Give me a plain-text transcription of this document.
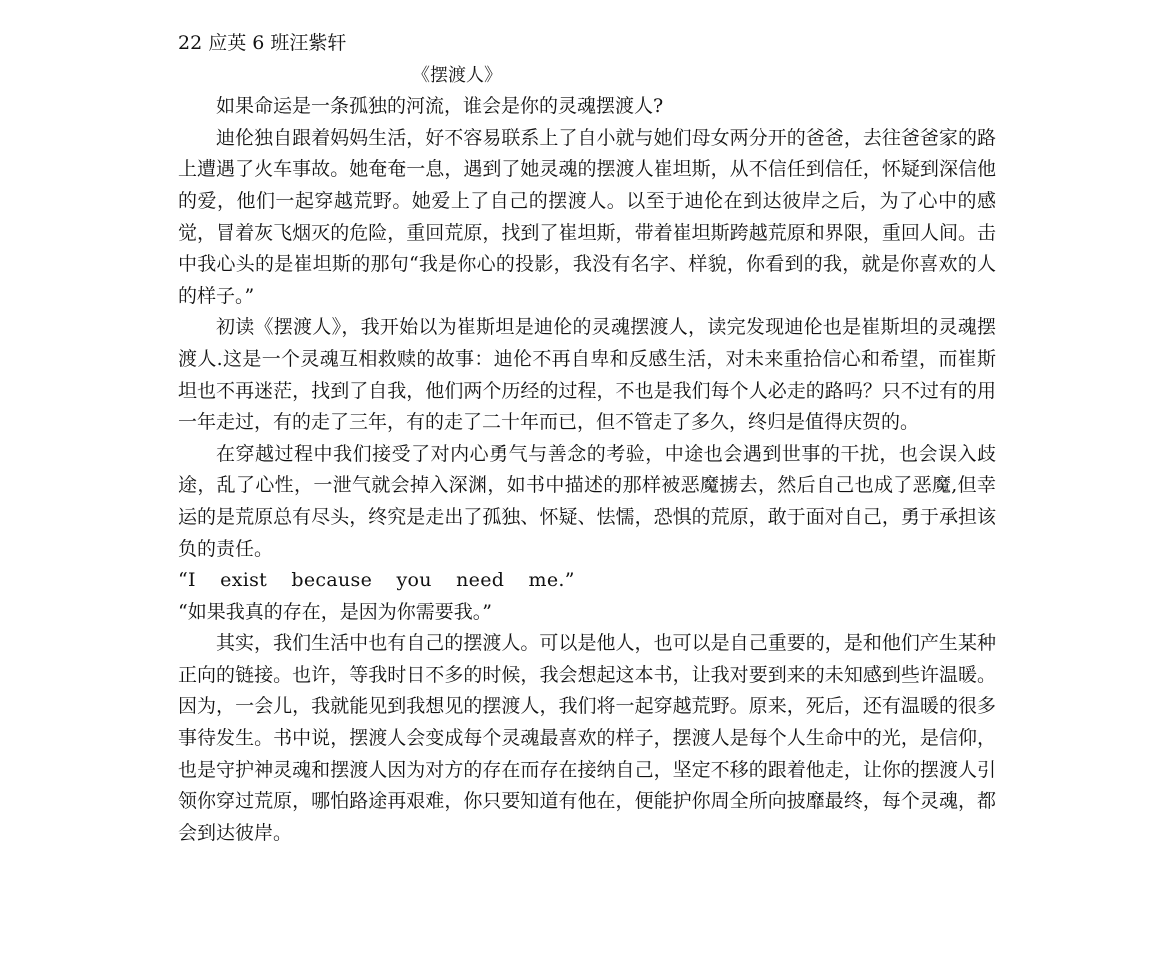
22 应英 6 班汪紫轩

《摆渡人》

如果命运是一条孤独的河流，谁会是你的灵魂摆渡人?

迪伦独自跟着妈妈生活，好不容易联系上了自小就与她们母女两分开的爸爸，去往爸爸家的路上遭遇了火车事故。她奄奄一息，遇到了她灵魂的摆渡人崔坦斯，从不信任到信任，怀疑到深信他的爱，他们一起穿越荒野。她爱上了自己的摆渡人。以至于迪伦在到达彼岸之后，为了心中的感觉，冒着灰飞烟灭的危险，重回荒原，找到了崔坦斯，带着崔坦斯跨越荒原和界限，重回人间。击中我心头的是崔坦斯的那句“我是你心的投影，我没有名字、样貌，你看到的我，就是你喜欢的人的样子。”

初读《摆渡人》，我开始以为崔斯坦是迪伦的灵魂摆渡人，读完发现迪伦也是崔斯坦的灵魂摆渡人.这是一个灵魂互相救赎的故事：迪伦不再自卑和反感生活，对未来重拾信心和希望，而崔斯坦也不再迷茫，找到了自我，他们两个历经的过程，不也是我们每个人必走的路吗？只不过有的用一年走过，有的走了三年，有的走了二十年而已，但不管走了多久，终归是值得庆贺的。

在穿越过程中我们接受了对内心勇气与善念的考验，中途也会遇到世事的干扰，也会误入歧途，乱了心性，一泄气就会掉入深渊，如书中描述的那样被恶魔掳去，然后自己也成了恶魔,但幸运的是荒原总有尽头，终究是走出了孤独、怀疑、怯懦，恐惧的荒原，敢于面对自己，勇于承担该负的责任。

“I exist because you need me.”

“如果我真的存在，是因为你需要我。”

其实，我们生活中也有自己的摆渡人。可以是他人，也可以是自己重要的，是和他们产生某种正向的链接。也许，等我时日不多的时候，我会想起这本书，让我对要到来的未知感到些许温暖。因为，一会儿，我就能见到我想见的摆渡人，我们将一起穿越荒野。原来，死后，还有温暖的很多事待发生。书中说，摆渡人会变成每个灵魂最喜欢的样子，摆渡人是每个人生命中的光，是信仰，也是守护神灵魂和摆渡人因为对方的存在而存在接纳自己，坚定不移的跟着他走，让你的摆渡人引领你穿过荒原，哪怕路途再艰难，你只要知道有他在，便能护你周全所向披靡最终，每个灵魂，都会到达彼岸。
